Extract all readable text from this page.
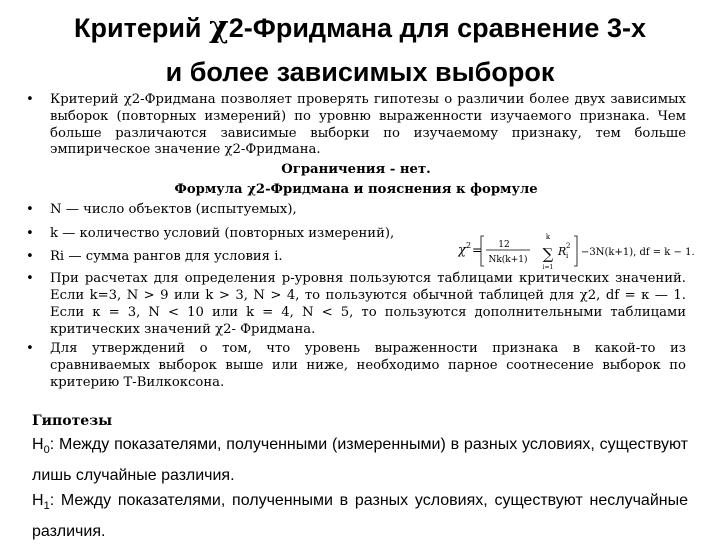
Критерий χ2-Фридмана для сравнение 3-х
и более зависимых выборок
• Критерий χ2-Фридмана позволяет проверять гипотезы о различии более двух зависимых выборок (повторных измерений) по уровню выраженности изучаемого признака. Чем больше различаются зависимые выборки по изучаемому признаку, тем больше эмпирическое значение χ2-Фридмана.
Ограничения - нет.
Формула χ2-Фридмана и пояснения к формуле
• N — число объектов (испытуемых),
• k — количество условий (повторных измерений),
• Ri — сумма рангов для условия i.
• При расчетах для определения р-уровня пользуются таблицами критических значений. Если k=3, N > 9 или k > 3, N > 4, то пользуются обычной таблицей для χ2, df = к — 1. Если к = 3, N < 10 или k = 4, N < 5, то пользуются дополнительными таблицами критических значений χ2- Фридмана.
• Для утверждений о том, что уровень выраженности признака в какой-то из сравниваемых выборок выше или ниже, необходимо парное соотнесение выборок по критерию Т-Вилкоксона.
χ 2 = 12
Nk(k+1)
k
∑
i=1
R i
2
−3N(k+1), df = k − 1.
Гипотезы

$H_0$: Между показателями, полученными (измеренными) в разных условиях, существуют лишь случайные различия.

$H_1$: Между показателями, полученными в разных условиях, существуют неслучайные различия.
